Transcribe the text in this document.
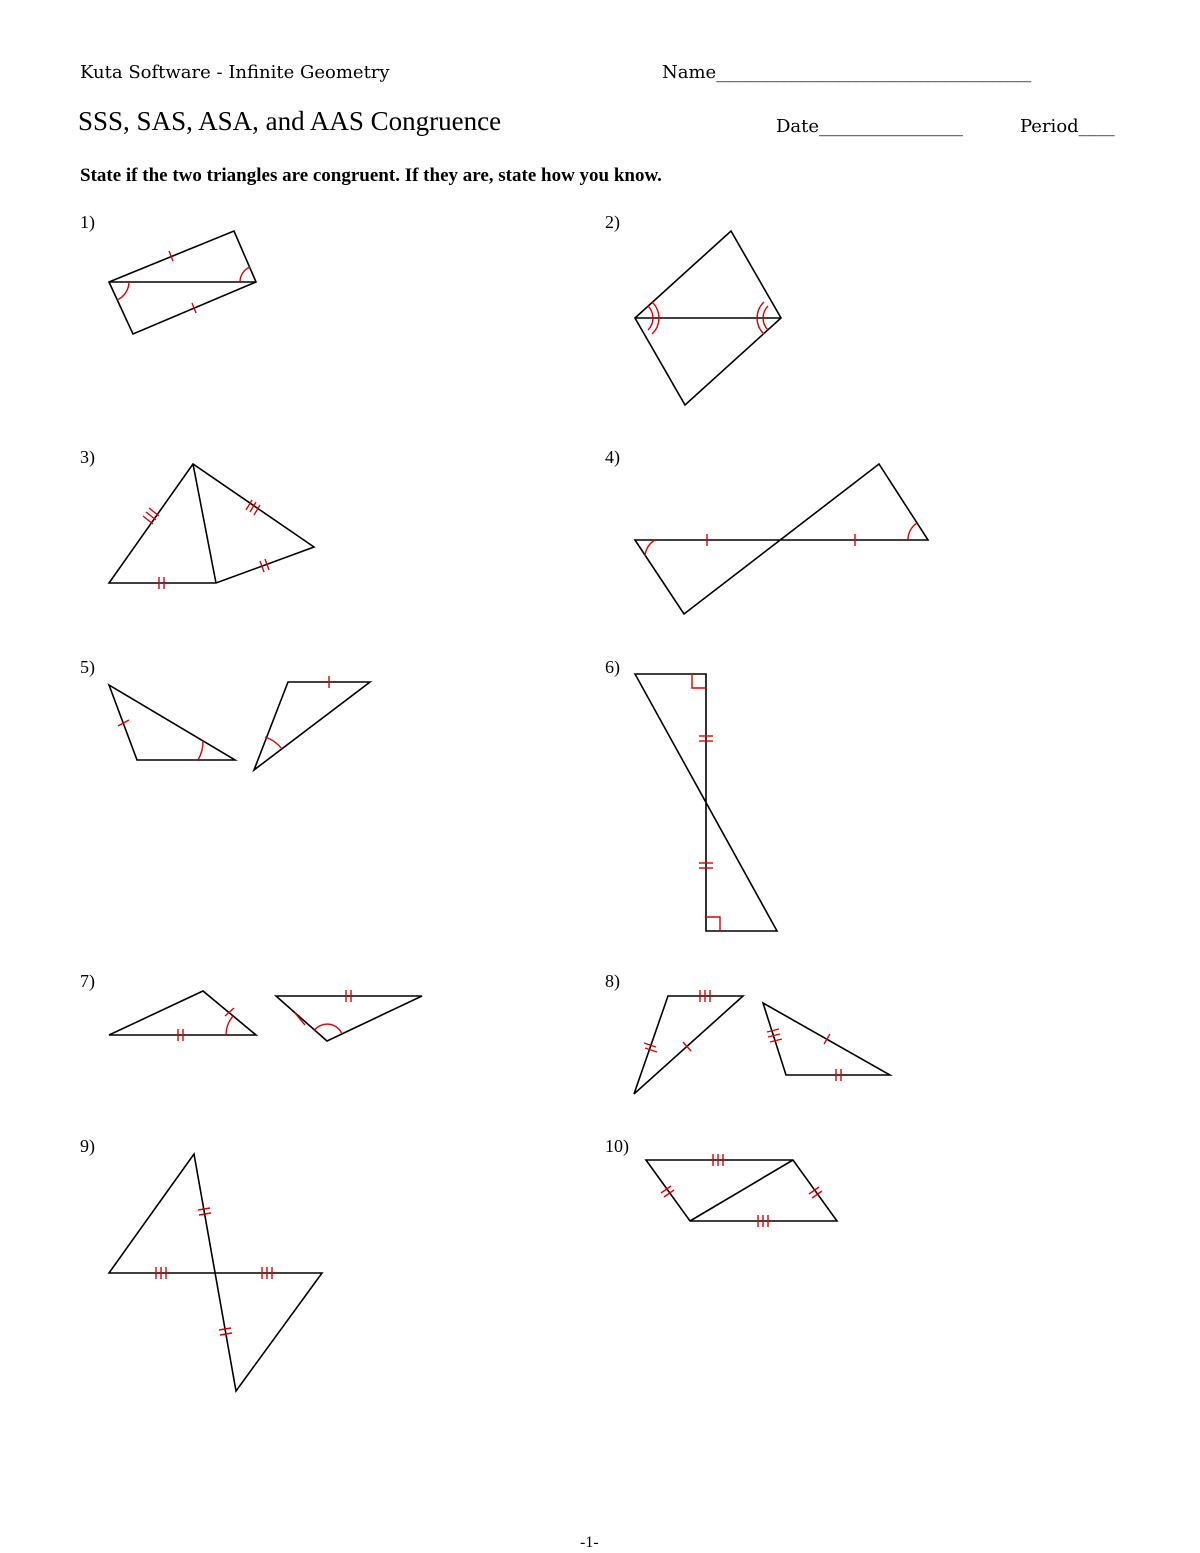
Kuta Software - Infinite Geometry	Name___________________________________
SSS, SAS, ASA, and AAS Congruence	Date________________	Period____
State if the two triangles are congruent. If they are, state how you know.
1)	2)
3)	4)
5)	6)
7)	8)
9)	10)
-1-
